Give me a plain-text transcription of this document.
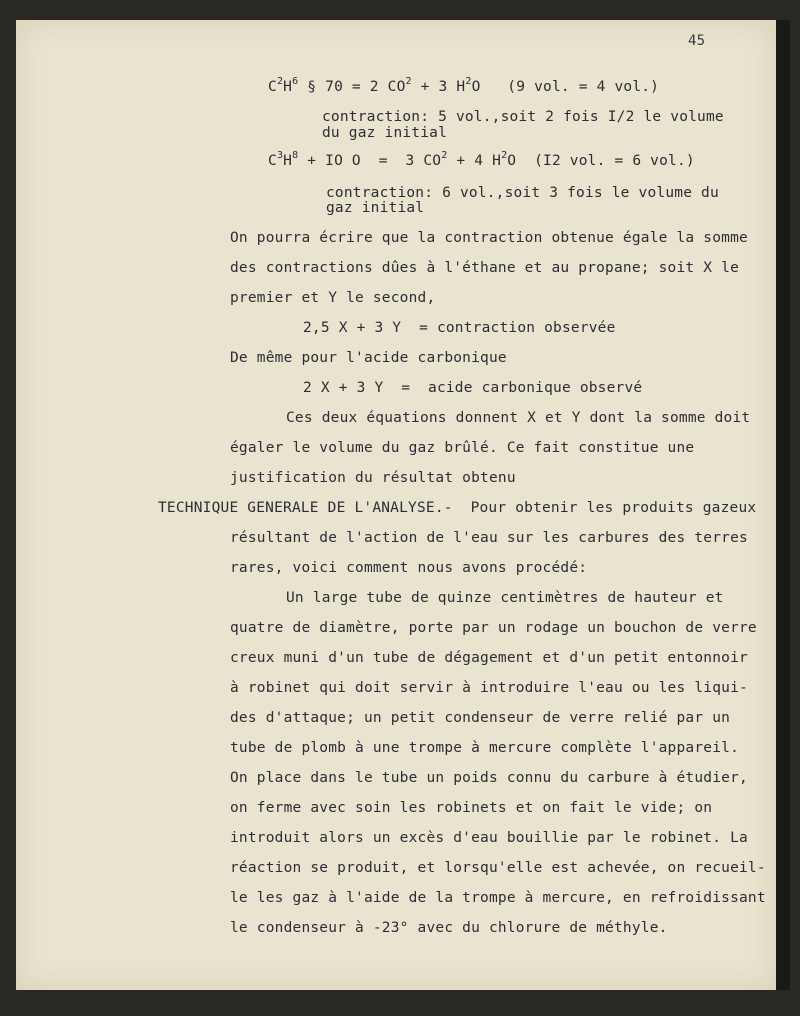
45
$C^2H^6$ § 70 = 2 $CO^2 + 3$ $H^2O$   (9 vol. = 4 vol.)
contraction: 5 vol.,soit 2 fois I/2 le volume
du gaz initial
$C^3H^8$ + IO O  =  3 $CO^2 + 4$ $H^2O$  (I2 vol. = 6 vol.)
contraction: 6 vol.,soit 3 fois le volume du
gaz initial
On pourra écrire que la contraction obtenue égale la somme
des contractions dûes à l'éthane et au propane; soit X le
premier et Y le second,
2,5 X + 3 Y  = contraction observée
De même pour l'acide carbonique
2 X + 3 Y  =  acide carbonique observé
Ces deux équations donnent X et Y dont la somme doit
égaler le volume du gaz brûlé. Ce fait constitue une
justification du résultat obtenu
TECHNIQUE GENERALE DE L'ANALYSE.- Pour obtenir les produits gazeux
résultant de l'action de l'eau sur les carbures des terres
rares, voici comment nous avons procédé:
Un large tube de quinze centimètres de hauteur et
quatre de diamètre, porte par un rodage un bouchon de verre
creux muni d'un tube de dégagement et d'un petit entonnoir
à robinet qui doit servir à introduire l'eau ou les liqui-
des d'attaque; un petit condenseur de verre relié par un
tube de plomb à une trompe à mercure complète l'appareil.
On place dans le tube un poids connu du carbure à étudier,
on ferme avec soin les robinets et on fait le vide; on
introduit alors un excès d'eau bouillie par le robinet. La
réaction se produit, et lorsqu'elle est achevée, on recueil-
le les gaz à l'aide de la trompe à mercure, en refroidissant
le condenseur à -23° avec du chlorure de méthyle.
